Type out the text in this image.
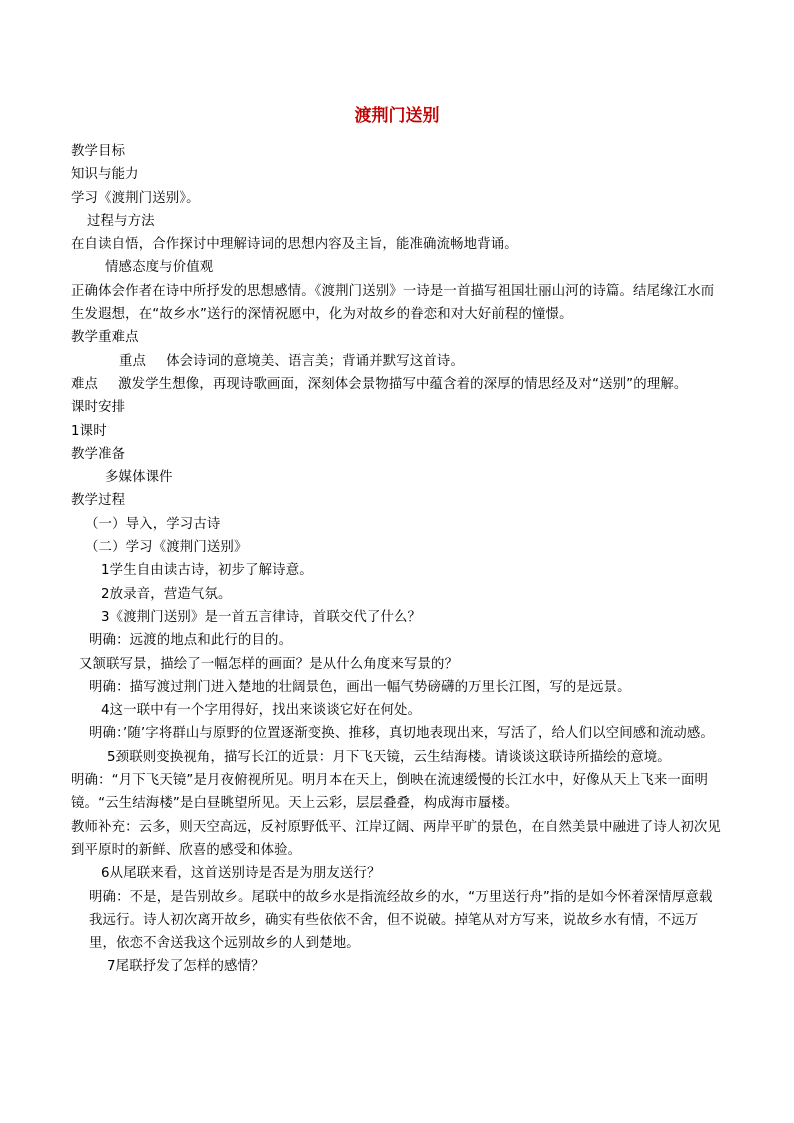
渡荆门送别

教学目标

知识与能力

学习《渡荆门送别》。

过程与方法

在自读自悟，合作探讨中理解诗词的思想内容及主旨，能准确流畅地背诵。

情感态度与价值观

正确体会作者在诗中所抒发的思想感情。《渡荆门送别》一诗是一首描写祖国壮丽山河的诗篇。结尾缘江水而生发遐想，在“故乡水”送行的深情祝愿中，化为对故乡的眷恋和对大好前程的憧憬。

教学重难点

重点 体会诗词的意境美、语言美；背诵并默写这首诗。

难点 激发学生想像，再现诗歌画面，深刻体会景物描写中蕴含着的深厚的情思经及对“送别”的理解。

课时安排

1课时

教学准备

多媒体课件

教学过程

（一）导入，学习古诗

（二）学习《渡荆门送别》

1学生自由读古诗，初步了解诗意。

2放录音，营造气氛。

3《渡荆门送别》是一首五言律诗，首联交代了什么？

明确：远渡的地点和此行的目的。

又颔联写景，描绘了一幅怎样的画面？是从什么角度来写景的？

明确：描写渡过荆门进入楚地的壮阔景色，画出一幅气势磅礴的万里长江图，写的是远景。

4这一联中有一个字用得好，找出来谈谈它好在何处。

明确：’随’字将群山与原野的位置逐渐变换、推移，真切地表现出来，写活了，给人们以空间感和流动感。

5颈联则变换视角，描写长江的近景：月下飞天镜，云生结海楼。请谈谈这联诗所描绘的意境。

明确：“月下飞天镜”是月夜俯视所见。明月本在天上，倒映在流速缓慢的长江水中，好像从天上飞来一面明镜。“云生结海楼”是白昼眺望所见。天上云彩，层层叠叠，构成海市蜃楼。

教师补充：云多，则天空高远，反衬原野低平、江岸辽阔、两岸平旷的景色，在自然美景中融进了诗人初次见到平原时的新鲜、欣喜的感受和体验。

6从尾联来看，这首送别诗是否是为朋友送行？

明确：不是，是告别故乡。尾联中的故乡水是指流经故乡的水，“万里送行舟”指的是如今怀着深情厚意载我远行。诗人初次离开故乡，确实有些依依不舍，但不说破。掉笔从对方写来，说故乡水有情，不远万里，依恋不舍送我这个远别故乡的人到楚地。

7尾联抒发了怎样的感情？
